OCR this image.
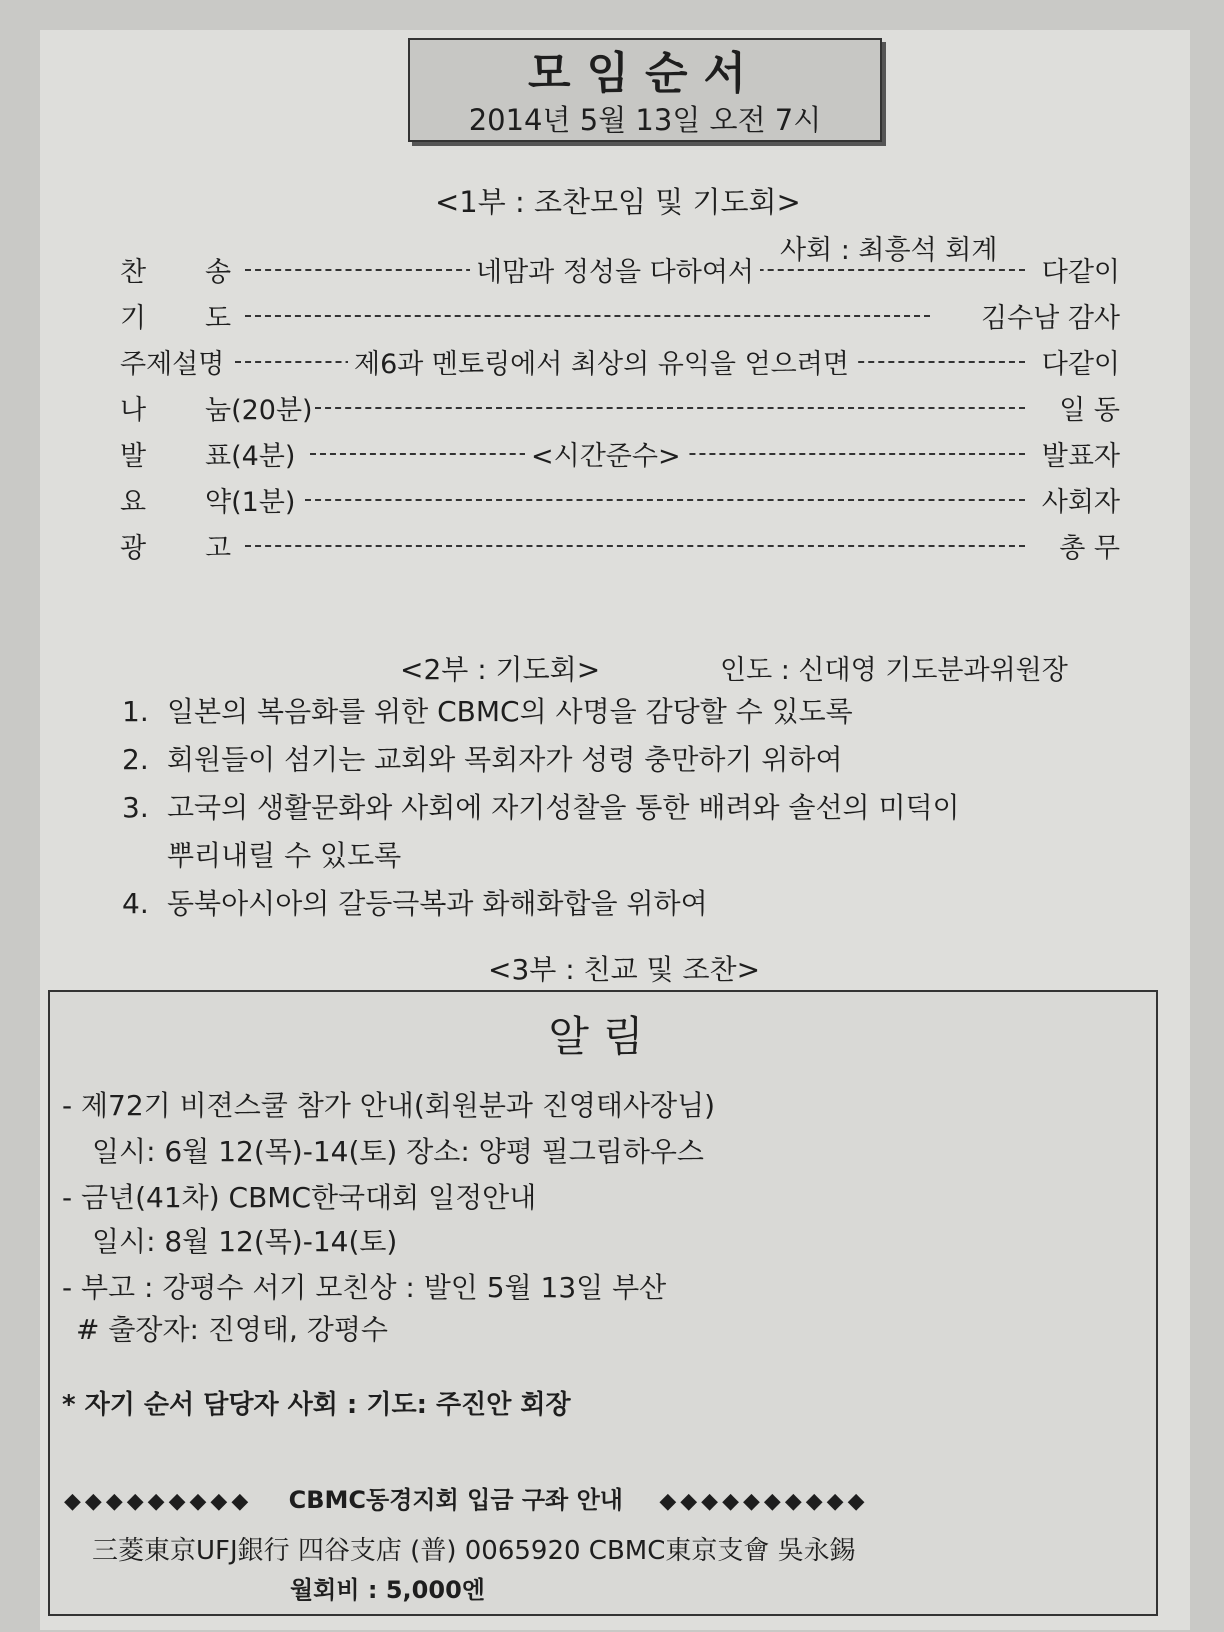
모임순서
2014년 5월 13일 오전 7시
<1부 : 조찬모임 및 기도회>
사회 : 최흥석 회계
찬 송	네맘과 정성을 다하여서	다같이
기 도	김수남 감사
주제설명	제6과 멘토링에서 최상의 유익을 얻으려면	다같이
나 눔(20분)	일 동
발 표(4분)	<시간준수>	발표자
요 약(1분)	사회자
광 고	총 무
<2부 : 기도회>	인도 : 신대영 기도분과위원장
1. 일본의 복음화를 위한 CBMC의 사명을 감당할 수 있도록
2. 회원들이 섬기는 교회와 목회자가 성령 충만하기 위하여
3. 고국의 생활문화와 사회에 자기성찰을 통한 배려와 솔선의 미덕이
뿌리내릴 수 있도록
4. 동북아시아의 갈등극복과 화해화합을 위하여
<3부 : 친교 및 조찬>
알림
- 제72기 비젼스쿨 참가 안내(회원분과 진영태사장님)
일시: 6월 12(목)-14(토) 장소: 양평 필그림하우스
- 금년(41차) CBMC한국대회 일정안내
일시: 8월 12(목)-14(토)
- 부고 : 강평수 서기 모친상 : 발인 5월 13일 부산
# 출장자: 진영태, 강평수
* 자기 순서 담당자 사회 : 기도: 주진안 회장
◆◆◆◆◆◆◆◆◆ CBMC동경지회 입금 구좌 안내 ◆◆◆◆◆◆◆◆◆◆
三菱東京UFJ銀行 四谷支店 (普) 0065920 CBMC東京支會 吳永錫
월회비 : 5,000엔
